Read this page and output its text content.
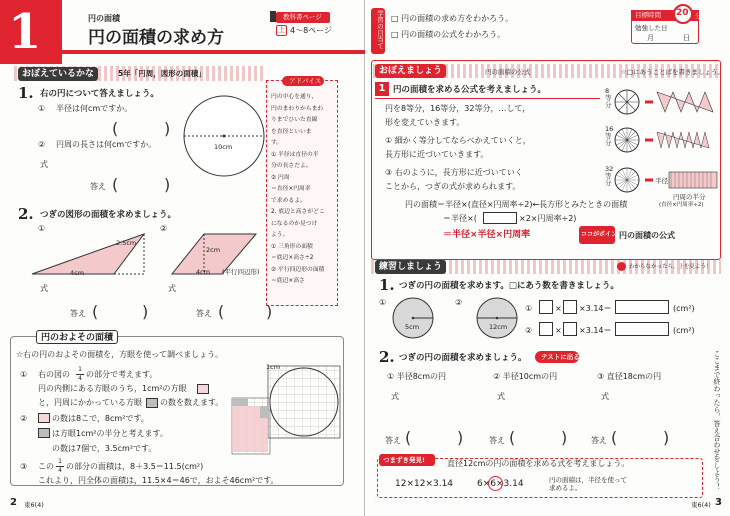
1	円の面積
円の面積の求め方
教科書ページ
上 4～8ページ
おぼえているかな	5年「円周，図形の面積」
アドバイス
円の中心を通り，
円のまわりからまわ
りまでひいた直線
を直径といいま
す。
① 半径は直径の半
分の長さだよ。
② 円周
＝直径×円周率
で求めるよ。
2. 底辺と高さがどこ
になるのか見つけ
よう。
① 三角形の面積
＝底辺×高さ÷2
② 平行四辺形の面積
＝底辺×高さ
1. 右の円について答えましょう。
① 半径は何cmですか。
(	)
② 円周の長さは何cmですか。
式
答え (	)
10cm
2. つぎの図形の面積を求めましょう。
①	②
2.5cm
4cm
2cm
4cm (平行四辺形)
式	式
答え (	)	答え (	)
円のおよその面積
☆右の円のおよその面積を，方眼を使って調べましょう。
① 右の図の
1
4 の部分で考えます。
円の内側にある方眼のうち，1cm²の方眼
と，円周にかかっている方眼 の数を数えます。
②	の数は8こで，8cm²です。
は方眼1cm²の半分と考えます。
の数は7個で，3.5cm²です。
③ この
1
4 の部分の面積は，8＋3.5＝11.5(cm²)
これより，円全体の面積は，11.5×4＝46で，およそ46cm²です。
1cm
2 東6(4)
学習の目当て □ 円の面積の求め方をわかろう。
□ 円の面積の公式をわかろう。
目標時間 20 分
勉強した日
月	日
おぼえましょう	円の面積の公式	☆□にあうことばを書きましょう。
1 円の面積を求める公式を考えましょう。
円を8等分，16等分，32等分，…して，
形を変えていきます。
① 細かく等分してならべかえていくと，
長方形に近づいていきます。
③ 右のように，長方形に近づいていく
ことから，つぎの式が求められます。
円の面積＝半径×(直径×円周率÷2)←長方形とみたときの面積
＝半径×(	×2×円周率÷2)
＝半径×半径×円周率	ココがポイント!
円の面積の公式
8等分
16等分
32等分	半径
円周の半分
(直径×円周率÷2)
練習しましょう	わからなかったら，上を見よう！
1. つぎの円の面積を求めます。□にあう数を書きましょう。
①	②
5cm	12cm
①	× ×3.14＝	(cm²)
②	× ×3.14＝	(cm²)
2. つぎの円の面積を求めましょう。 テストに出る!
① 半径8cmの円	② 半径10cmの円	③ 直径18cmの円
式	式	式
答え (	)	答え (	)	答え (	)
つまずき発見!	直径12cmの円の面積を求める式を考えましょう。
12×12×3.14	6×6×3.14	円の面積は，半径を使って求めるよ。	ここまで終わったら，答え合わせをしよう！
東6(4) 3
